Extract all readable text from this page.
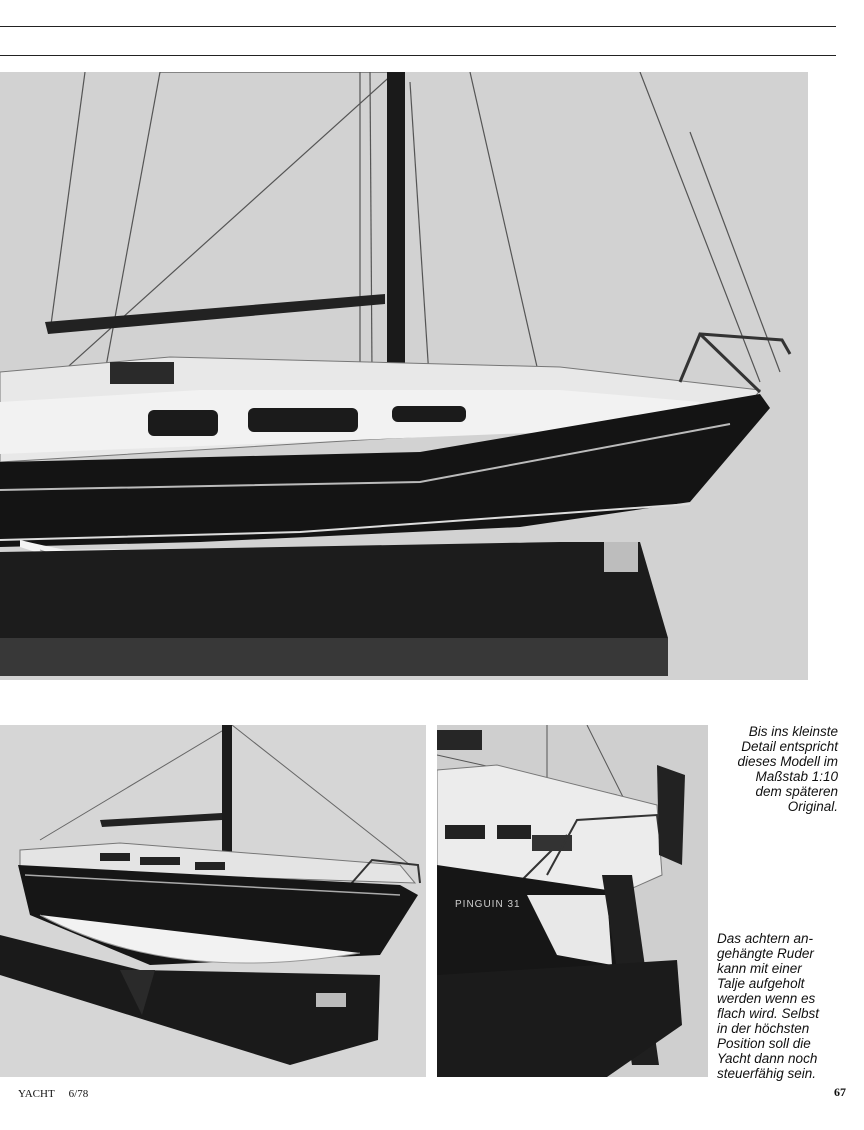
PINGUIN 31
Bis ins kleinste
Detail entspricht
dieses Modell im
Maßstab 1:10
dem späteren
Original.
Das achtern an-
gehängte Ruder
kann mit einer
Talje aufgeholt
werden wenn es
flach wird. Selbst
in der höchsten
Position soll die
Yacht dann noch
steuerfähig sein.
YACHT 6/78	67
